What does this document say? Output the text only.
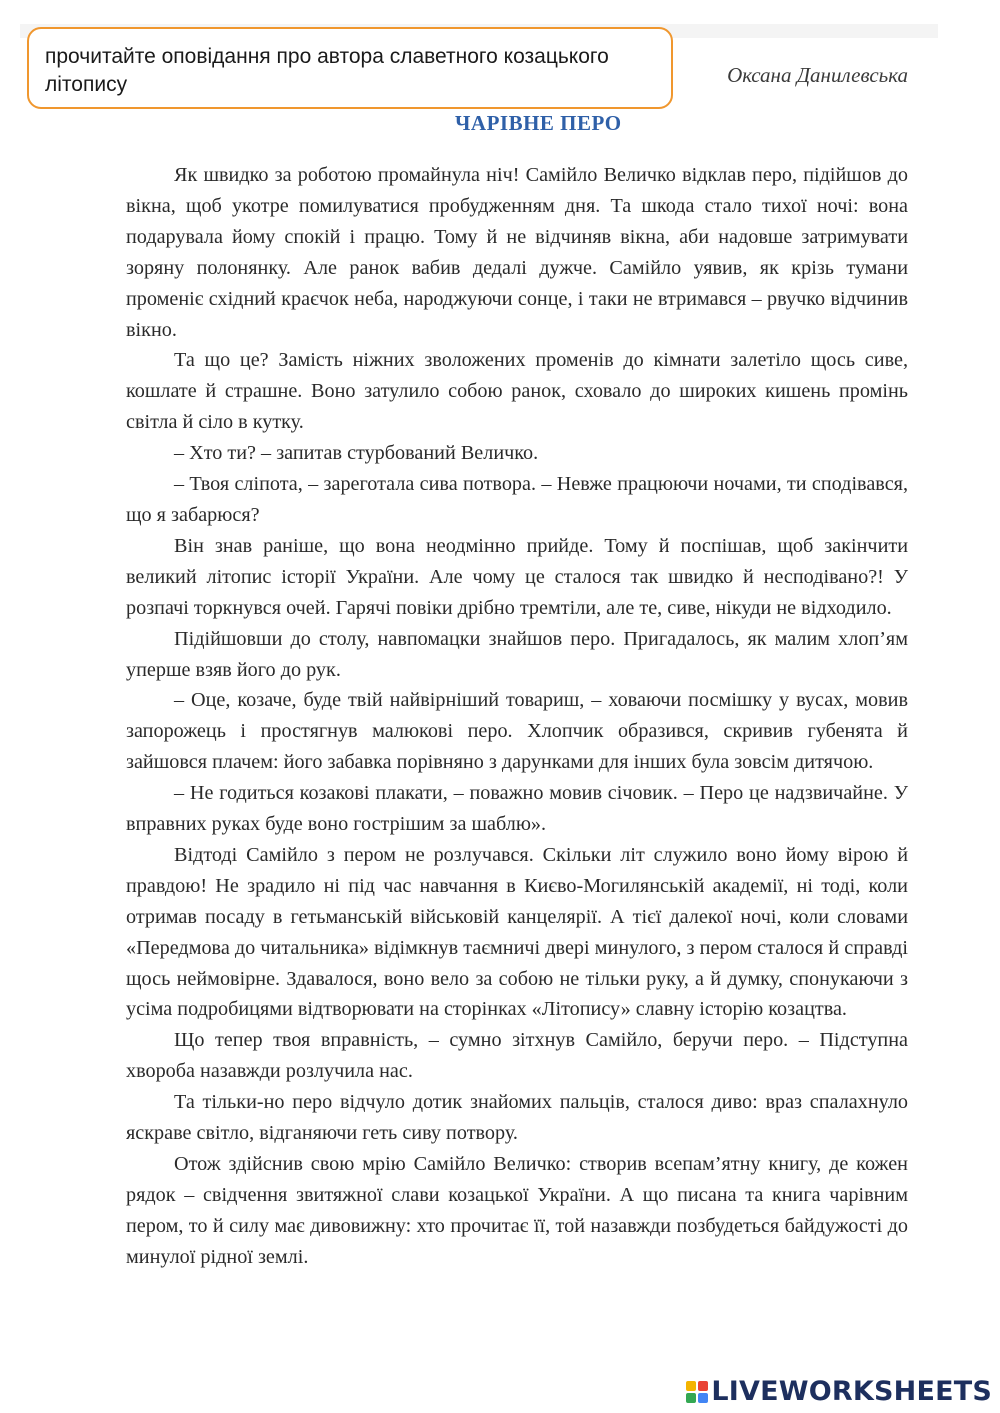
прочитайте оповідання про автора славетного козацького літопису	Оксана Данилевська
ЧАРІВНЕ ПЕРО

Як швидко за роботою промайнула ніч! Самійло Величко відклав перо, підійшов до вікна, щоб укотре помилуватися пробудженням дня. Та шкода стало тихої ночі: вона подарувала йому спокій і працю. Тому й не відчиняв вікна, аби надовше затримувати зоряну полонянку. Але ранок вабив дедалі дужче. Самійло уявив, як крізь тумани променіє східний краєчок неба, народжуючи сонце, і таки не втримався – рвучко відчинив вікно.

Та що це? Замість ніжних зволожених променів до кімнати залетіло щось сиве, кошлате й страшне. Воно затулило собою ранок, сховало до широких кишень промінь світла й сіло в кутку.

– Хто ти? – запитав стурбований Величко.

– Твоя сліпота, – зареготала сива потвора. – Невже працюючи ночами, ти сподівався, що я забарюся?

Він знав раніше, що вона неодмінно прийде. Тому й поспішав, щоб закінчити великий літопис історії України. Але чому це сталося так швидко й несподівано?! У розпачі торкнувся очей. Гарячі повіки дрібно тремтіли, але те, сиве, нікуди не відходило.

Підійшовши до столу, навпомацки знайшов перо. Пригадалось, як малим хлоп’ям уперше взяв його до рук.

– Оце, козаче, буде твій найвірніший товариш, – ховаючи посмішку у вусах, мовив запорожець і простягнув малюкові перо. Хлопчик образився, скривив губенята й зайшовся плачем: його забавка порівняно з дарунками для інших була зовсім дитячою.

– Не годиться козакові плакати, – поважно мовив січовик. – Перо це надзвичайне. У вправних руках буде воно гострішим за шаблю».

Відтоді Самійло з пером не розлучався. Скільки літ служило воно йому вірою й правдою! Не зрадило ні під час навчання в Києво-Могилянській академії, ні тоді, коли отримав посаду в гетьманській військовій канцелярії. А тієї далекої ночі, коли словами «Передмова до читальника» відімкнув таємничі двері минулого, з пером сталося й справді щось неймовірне. Здавалося, воно вело за собою не тільки руку, а й думку, спонукаючи з усіма подробицями відтворювати на сторінках «Літопису» славну історію козацтва.

Що тепер твоя вправність, – сумно зітхнув Самійло, беручи перо. – Підступна хвороба назавжди розлучила нас.

Та тільки-но перо відчуло дотик знайомих пальців, сталося диво: враз спалахнуло яскраве світло, відганяючи геть сиву потвору.

Отож здійснив свою мрію Самійло Величко: створив всепам’ятну книгу, де кожен рядок – свідчення звитяжної слави козацької України. А що писана та книга чарівним пером, то й силу має дивовижну: хто прочитає її, той назавжди позбудеться байдужості до минулої рідної землі.

LIVEWORKSHEETS
